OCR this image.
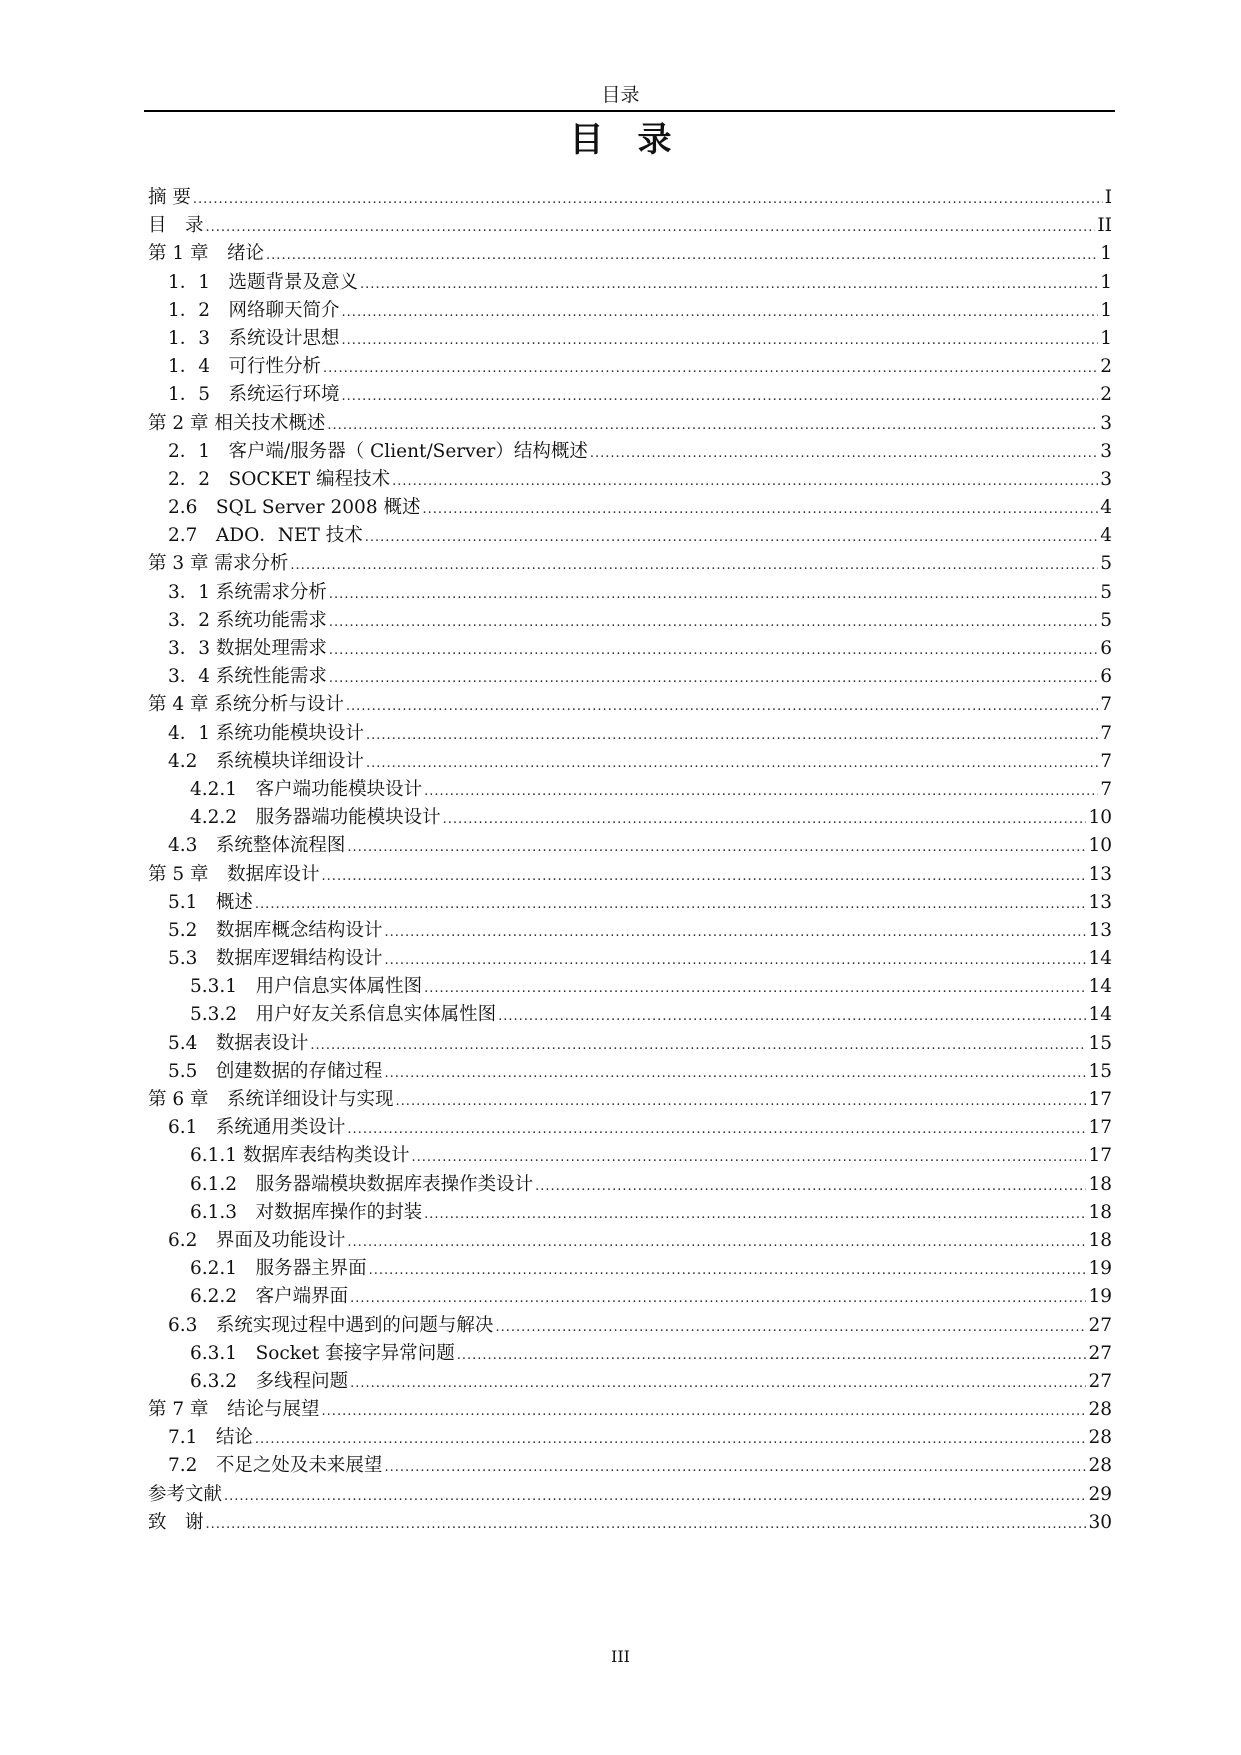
目录
目　录
摘 要 .....	I
目　录 .....	II
第 1 章　绪论 .....	1
1．1　选题背景及意义 .....	1
1．2　网络聊天简介 .....	1
1．3　系统设计思想 .....	1
1．4　可行性分析 .....	2
1．5　系统运行环境 .....	2
第 2 章 相关技术概述 .....	3
2．1　客户端/服务器（ Client/Server）结构概述 .....	3
2．2　SOCKET 编程技术 .....	3
2.6　SQL Server 2008 概述 .....	4
2.7　ADO．NET 技术 .....	4
第 3 章 需求分析 .....	5
3．1 系统需求分析 .....	5
3．2 系统功能需求 .....	5
3．3 数据处理需求 .....	6
3．4 系统性能需求 .....	6
第 4 章 系统分析与设计 .....	7
4．1 系统功能模块设计 .....	7
4.2　系统模块详细设计 .....	7
4.2.1　客户端功能模块设计 .....	7
4.2.2　服务器端功能模块设计 .....	10
4.3　系统整体流程图 .....	10
第 5 章　数据库设计 .....	13
5.1　概述 .....	13
5.2　数据库概念结构设计 .....	13
5.3　数据库逻辑结构设计 .....	14
5.3.1　用户信息实体属性图 .....	14
5.3.2　用户好友关系信息实体属性图 .....	14
5.4　数据表设计 .....	15
5.5　创建数据的存储过程 .....	15
第 6 章　系统详细设计与实现 .....	17
6.1　系统通用类设计 .....	17
6.1.1 数据库表结构类设计 .....	17
6.1.2　服务器端模块数据库表操作类设计 .....	18
6.1.3　对数据库操作的封装 .....	18
6.2　界面及功能设计 .....	18
6.2.1　服务器主界面 .....	19
6.2.2　客户端界面 .....	19
6.3　系统实现过程中遇到的问题与解决 .....	27
6.3.1　Socket 套接字异常问题 .....	27
6.3.2　多线程问题 .....	27
第 7 章　结论与展望 .....	28
7.1　结论 .....	28
7.2　不足之处及未来展望 .....	28
参考文献 .....	29
致　谢 .....	30
III
